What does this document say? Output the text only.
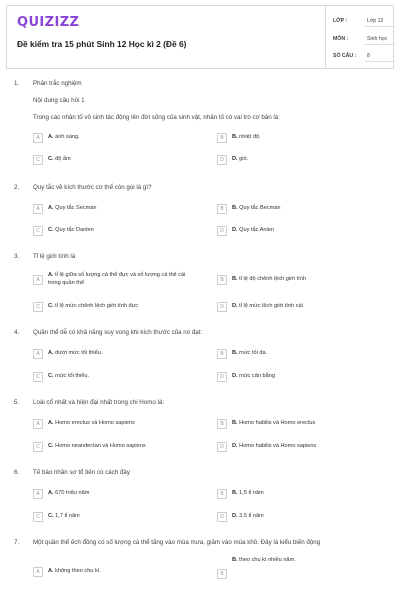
QUIZIZZ
Đề kiểm tra 15 phút Sinh 12 Học kì 2 (Đề 6)
LỚP :	Lớp 12
MÔN :	Sinh học
SỐ CÂU : 8
1. Phân trắc nghiệm
Nội dung câu hỏi 1
Trong các nhân tố vô sinh tác động lên đời sống của sinh vật, nhân tố có vai trò cơ bản là:
A	A. ánh sáng.	B	B. nhiệt độ.
C	C. độ ẩm	D	D. gió.
2. Quy tắc về kích thước cơ thể còn gọi là gì?
A	A. Quy tắc Secman	B	B. Quy tắc Becman
C	C. Quy tắc Danlen	D	D. Quy tắc Anlen
3. Tỉ lệ giới tính là
A
A. tỉ lệ giữa số lượng cá thể đực và số lượng cá thể cái trong quần thể	B	B. tỉ lệ độ chênh lệch giới tính
C	C. tỉ lệ mức chênh lệch giới tính đực	D	D. tỉ lệ mức lệch giới tính cái
4. Quần thể dễ có khả năng suy vong khi kích thước của nó đạt:
A	A. dưới mức tối thiểu.	B	B. mức tối đa.
C	C. mức tối thiểu.	D	D. mức cân bằng
5. Loài cổ nhất và hiện đại nhất trong chi Homo là:
A	A. Homo erectus và Homo sapiens	B	B. Homo habilis và Homo erectus
C	C. Homo neandectan và Homo sapiens	D	D. Homo habilis và Homo sapiens
6. Tế bào nhân sơ tổ tiên có cách đây
A	A. 670 triệu năm	B	B. 1,5 tỉ năm
C	C. 1,7 tỉ năm	D	D. 3,5 tỉ năm
7. Một quần thể ếch đồng có số lượng cá thể tăng vào mùa mưa, giảm vào mùa khô. Đây là kiểu biến động
A	A. không theo chu kì.	B
B. theo chu kì nhiều năm.
